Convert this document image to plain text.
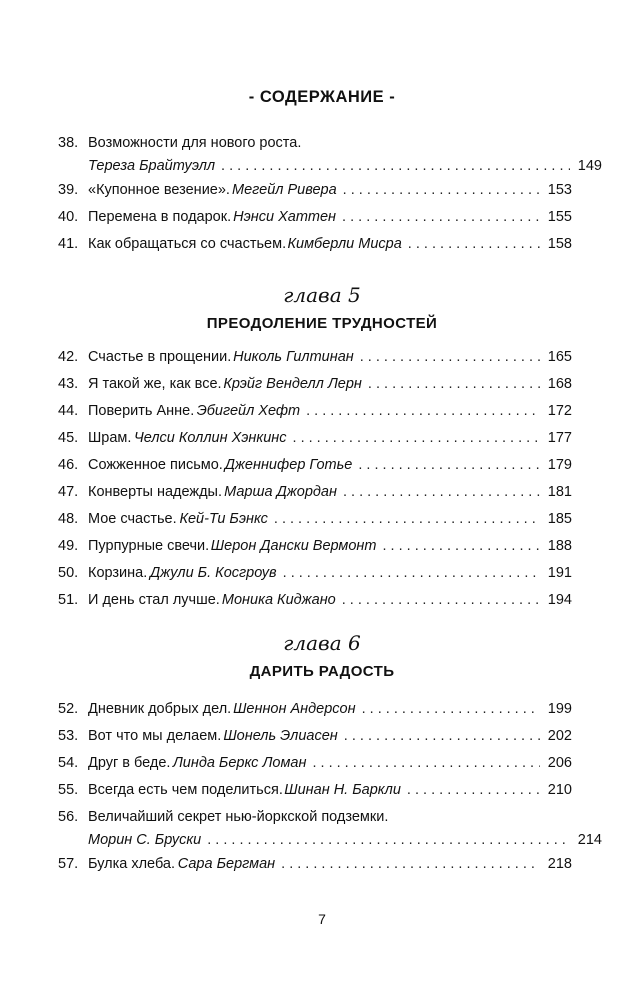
- СОДЕРЖАНИЕ -
38. Возможности для нового роста.
Тереза Брайтуэлл . . .	149
39. «Купонное везение». Мегейл Ривера . . .	153
40. Перемена в подарок. Нэнси Хаттен . . .	155
41. Как обращаться со счастьем. Кимберли Мисра . . .	158
глава 5
ПРЕОДОЛЕНИЕ ТРУДНОСТЕЙ
42. Счастье в прощении. Николь Гилтинан . . .	165
43. Я такой же, как все. Крэйг Венделл Лерн . . .	168
44. Поверить Анне. Эбигейл Хефт . . .	172
45. Шрам. Челси Коллин Хэнкинс . . .	177
46. Сожженное письмо. Дженнифер Готье . . .	179
47. Конверты надежды. Марша Джордан . . .	181
48. Мое счастье. Кей-Ти Бэнкс . . .	185
49. Пурпурные свечи. Шерон Дански Вермонт . . .	188
50. Корзина. Джули Б. Косгроув . . .	191
51. И день стал лучше. Моника Киджано . . .	194
глава 6
ДАРИТЬ РАДОСТЬ
52. Дневник добрых дел. Шеннон Андерсон . . .	199
53. Вот что мы делаем. Шонель Элиасен . . .	202
54. Друг в беде. Линда Беркс Ломан . . .	206
55. Всегда есть чем поделиться. Шинан Н. Баркли . . .	210
56. Величайший секрет нью-йоркской подземки.
Морин С. Бруски . . .	214
57. Булка хлеба. Сара Бергман . . .	218
7
